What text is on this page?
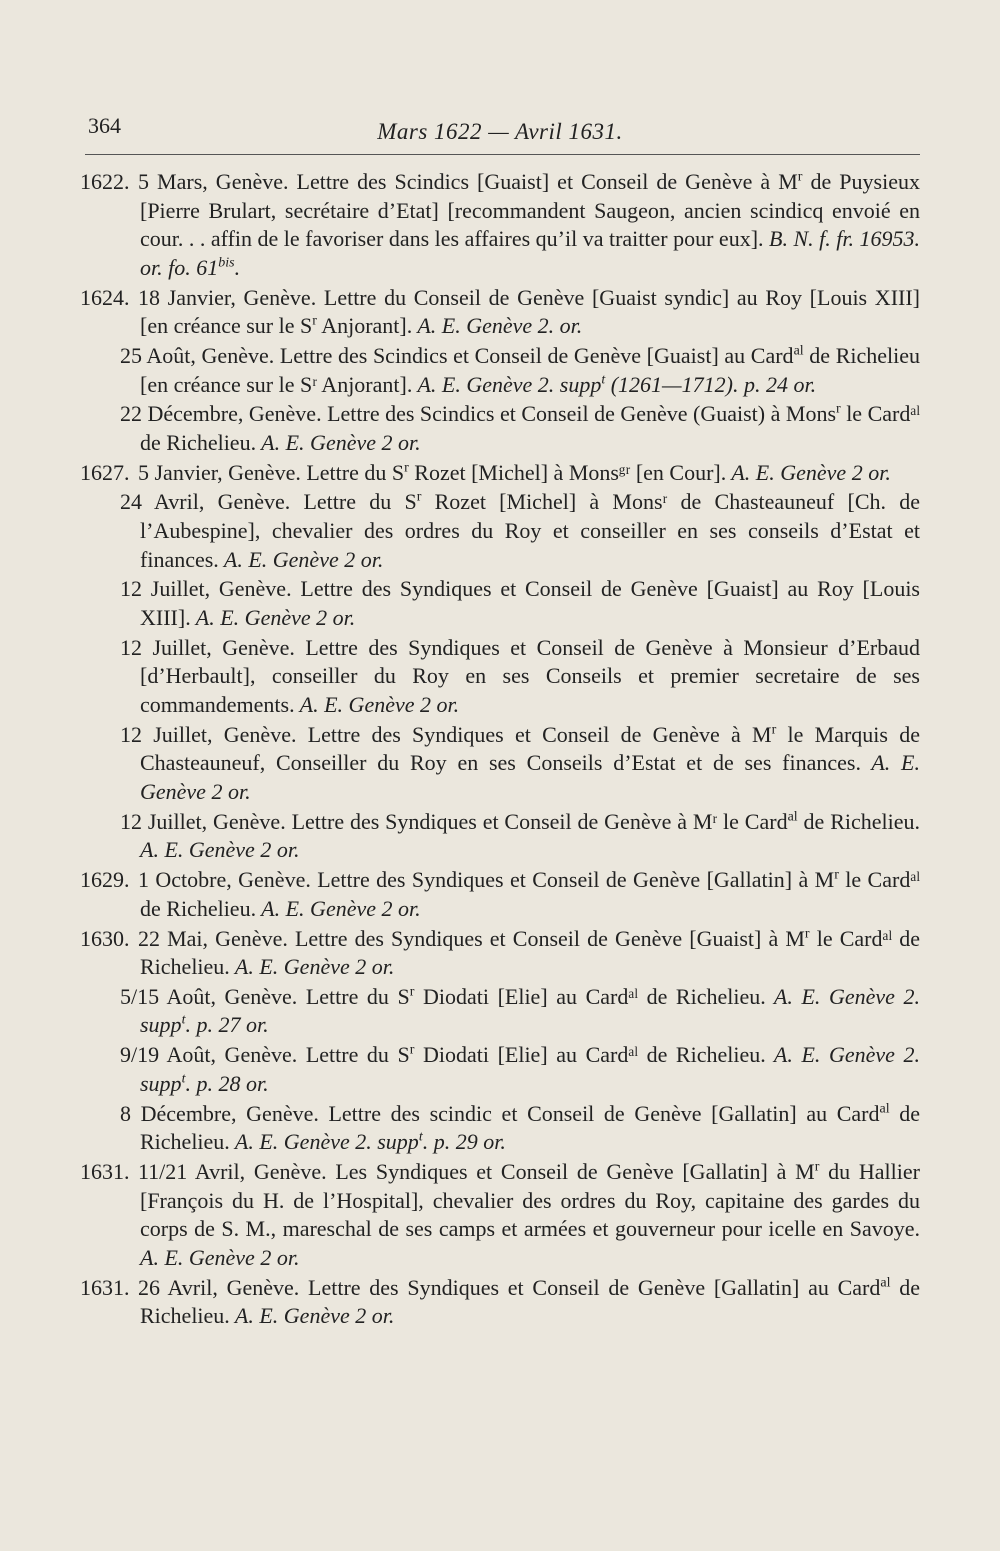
364	Mars 1622 — Avril 1631.
1622. 5 Mars, Genève. Lettre des Scindics [Guaist] et Conseil de Genève à $M^r$ de Puysieux [Pierre Brulart, secrétaire d’Etat] [recommandent Saugeon, ancien scindicq envoié en cour. . . affin de le favoriser dans les affaires qu’il va traitter pour eux]. B. N. f. fr. 16953. or. fo. 61$^{bis}$.
1624. 18 Janvier, Genève. Lettre du Conseil de Genève [Guaist syndic] au Roy [Louis XIII] [en créance sur le $S^r$ Anjorant]. A. E. Genève 2. or.
25 Août, Genève. Lettre des Scindics et Conseil de Genève [Guaist] au Card$^{al}$ de Richelieu [en créance sur le Sʳ Anjorant]. A. E. Genève 2. supp$^t$ (1261—1712). p. 24 or.
22 Décembre, Genève. Lettre des Scindics et Conseil de Genève (Guaist) à Mons$^r$ le Cardᵃˡ de Richelieu. A. E. Genève 2 or.
1627. 5 Janvier, Genève. Lettre du $S^r$ Rozet [Michel] à Monsᵍʳ [en Cour]. A. E. Genève 2 or.
24 Avril, Genève. Lettre du $S^r$ Rozet [Michel] à Monsʳ de Chasteauneuf [Ch. de l’Aubespine], chevalier des ordres du Roy et conseiller en ses conseils d’Estat et finances. A. E. Genève 2 or.
12 Juillet, Genève. Lettre des Syndiques et Conseil de Genève [Guaist] au Roy [Louis XIII]. A. E. Genève 2 or.
12 Juillet, Genève. Lettre des Syndiques et Conseil de Genève à Monsieur d’Erbaud [d’Herbault], conseiller du Roy en ses Conseils et premier secretaire de ses commandements. A. E. Genève 2 or.
12 Juillet, Genève. Lettre des Syndiques et Conseil de Genève à $M^r$ le Marquis de Chasteauneuf, Conseiller du Roy en ses Conseils d’Estat et de ses finances. A. E. Genève 2 or.
12 Juillet, Genève. Lettre des Syndiques et Conseil de Genève à Mʳ le Card$^{al}$ de Richelieu. A. E. Genève 2 or.
1629. 1 Octobre, Genève. Lettre des Syndiques et Conseil de Genève [Gallatin] à $M^r$ le Cardᵃˡ de Richelieu. A. E. Genève 2 or.
1630. 22 Mai, Genève. Lettre des Syndiques et Conseil de Genève [Guaist] à $M^r$ le Cardᵃˡ de Richelieu. A. E. Genève 2 or.
5/15 Août, Genève. Lettre du $S^r$ Diodati [Elie] au Cardᵃˡ de Richelieu. A. E. Genève 2. supp$^t$. p. 27 or.
9/19 Août, Genève. Lettre du $S^r$ Diodati [Elie] au Cardᵃˡ de Richelieu. A. E. Genève 2. supp$^t$. p. 28 or.
8 Décembre, Genève. Lettre des scindic et Conseil de Genève [Gallatin] au Card$^{al}$ de Richelieu. A. E. Genève 2. supp$^t$. p. 29 or.
1631. 11/21 Avril, Genève. Les Syndiques et Conseil de Genève [Gallatin] à $M^r$ du Hallier [François du H. de l’Hospital], chevalier des ordres du Roy, capitaine des gardes du corps de S. M., mareschal de ses camps et armées et gouverneur pour icelle en Savoye. A. E. Genève 2 or.
1631. 26 Avril, Genève. Lettre des Syndiques et Conseil de Genève [Gallatin] au Card$^{al}$ de Richelieu. A. E. Genève 2 or.
